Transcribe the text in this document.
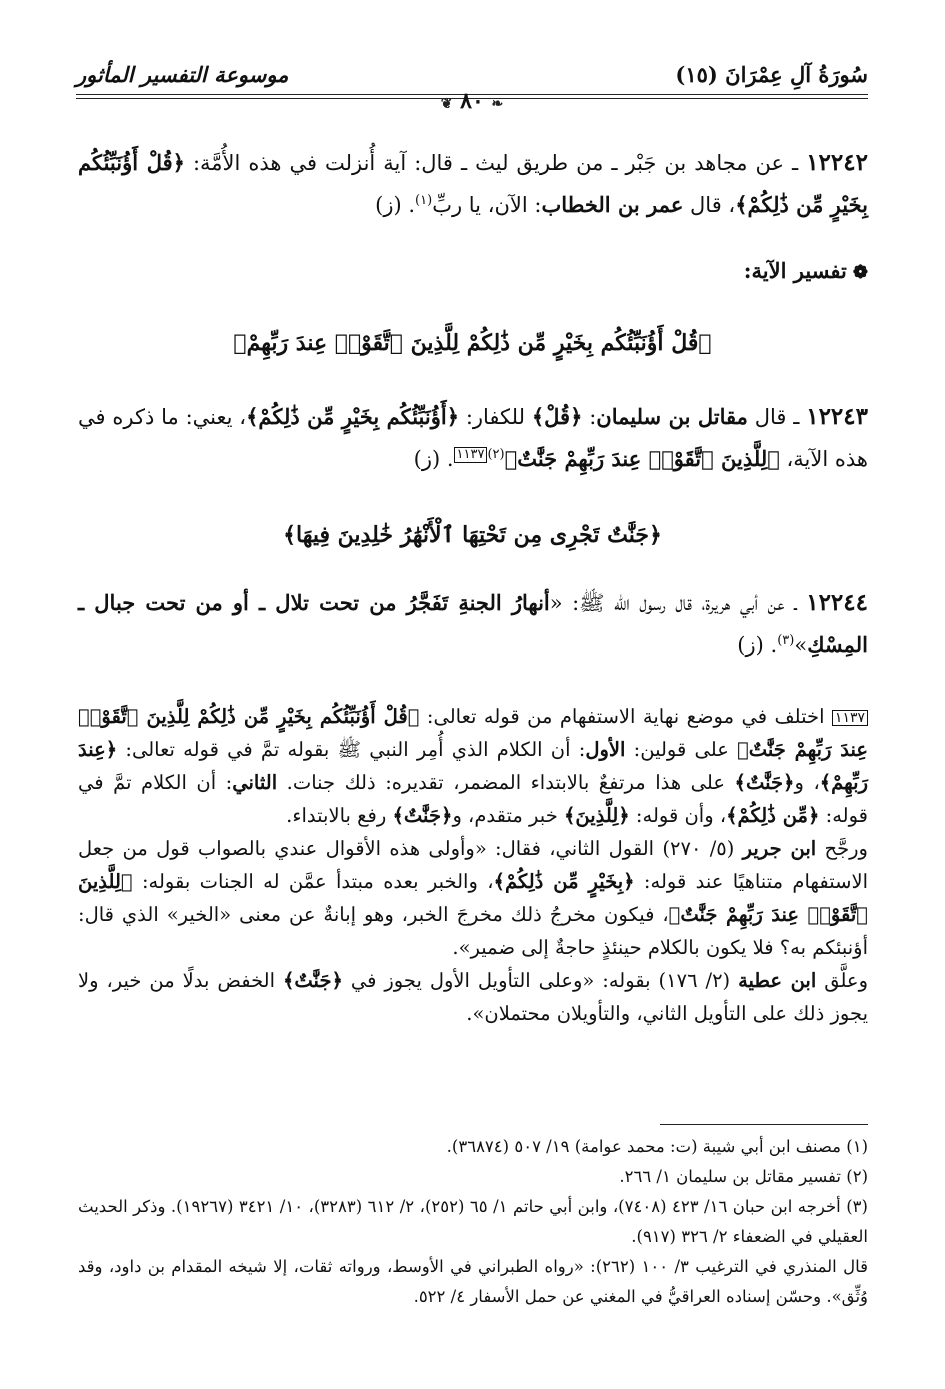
سُورَةُ آلِ عِمْرَانَ (١٥)
موسوعة التفسير المأثور
❦ ٨٠ ❧
١٢٢٤٢ ـ عن مجاهد بن جَبْر ـ من طريق ليث ـ قال: آية أُنزلت في هذه الأُمَّة: ﴿قُلْ أَؤُنَبِّئُكُم بِخَيْرٍ مِّن ذَٰلِكُمْ﴾، قال عمر بن الخطاب: الآن، يا ربِّ$^{(١)}$. (ز)
❁تفسير الآية:
﴿قُلْ أَؤُنَبِّئُكُم بِخَيْرٍ مِّن ذَٰلِكُمْ لِلَّذِينَ ٱتَّقَوْا۟ عِندَ رَبِّهِمْ﴾
١٢٢٤٣ ـ قال مقاتل بن سليمان: ﴿قُلْ﴾ للكفار: ﴿أَؤُنَبِّئُكُم بِخَيْرٍ مِّن ذَٰلِكُمْ﴾، يعني: ما ذكره في هذه الآية، ﴿لِلَّذِينَ ٱتَّقَوْا۟ عِندَ رَبِّهِمْ جَنَّٰتٌ﴾$^{(٢)}$١١٣٧. (ز)
﴿جَنَّٰتٌ تَجْرِى مِن تَحْتِهَا ٱلْأَنْهَٰرُ خَٰلِدِينَ فِيهَا﴾
١٢٢٤٤ ـ عن أبي هريرة، قال رسول الله ﷺ: «أنهارُ الجنةِ تَفَجَّرُ من تحت تلال ـ أو من تحت جبال ـ المِسْكِ»$^{(٣)}$. (ز)
١١٣٧ اختلف في موضع نهاية الاستفهام من قوله تعالى: ﴿قُلْ أَؤُنَبِّئُكُم بِخَيْرٍ مِّن ذَٰلِكُمْ لِلَّذِينَ ٱتَّقَوْا۟ عِندَ رَبِّهِمْ جَنَّٰتٌ﴾ على قولين: الأول: أن الكلام الذي أُمِر النبي ﷺ بقوله تمَّ في قوله تعالى: ﴿عِندَ رَبِّهِمْ﴾، و﴿جَنَّٰتٌ﴾ على هذا مرتفعٌ بالابتداء المضمر، تقديره: ذلك جنات. الثاني: أن الكلام تمَّ في قوله: ﴿مِّن ذَٰلِكُمْ﴾، وأن قوله: ﴿لِلَّذِينَ﴾ خبر متقدم، و﴿جَنَّٰتٌ﴾ رفع بالابتداء.
ورجَّح ابن جرير (٥/ ٢٧٠) القول الثاني، فقال: «وأولى هذه الأقوال عندي بالصواب قول من جعل الاستفهام متناهيًا عند قوله: ﴿بِخَيْرٍ مِّن ذَٰلِكُمْ﴾، والخبر بعده مبتدأ عمَّن له الجنات بقوله: ﴿لِلَّذِينَ ٱتَّقَوْا۟ عِندَ رَبِّهِمْ جَنَّٰتٌ﴾، فيكون مخرجُ ذلك مخرجَ الخبر، وهو إبانةٌ عن معنى «الخير» الذي قال: أؤنبئكم به؟ فلا يكون بالكلام حينئذٍ حاجةٌ إلى ضمير».
وعلَّق ابن عطية (٢/ ١٧٦) بقوله: «وعلى التأويل الأول يجوز في ﴿جَنَّٰتٌ﴾ الخفض بدلًا من خير، ولا يجوز ذلك على التأويل الثاني، والتأويلان محتملان».
(١) مصنف ابن أبي شيبة (ت: محمد عوامة) ١٩/ ٥٠٧ (٣٦٨٧٤).
(٢) تفسير مقاتل بن سليمان ١/ ٢٦٦.
(٣) أخرجه ابن حبان ١٦/ ٤٢٣ (٧٤٠٨)، وابن أبي حاتم ١/ ٦٥ (٢٥٢)، ٢/ ٦١٢ (٣٢٨٣)، ١٠/ ٣٤٢١ (١٩٢٦٧). وذكر الحديث العقيلي في الضعفاء ٢/ ٣٢٦ (٩١٧).
قال المنذري في الترغيب ٣/ ١٠٠ (٢٦٢): «رواه الطبراني في الأوسط، ورواته ثقات، إلا شيخه المقدام بن داود، وقد وُثِّق». وحسّن إسناده العراقيُّ في المغني عن حمل الأسفار ٤/ ٥٢٢.
